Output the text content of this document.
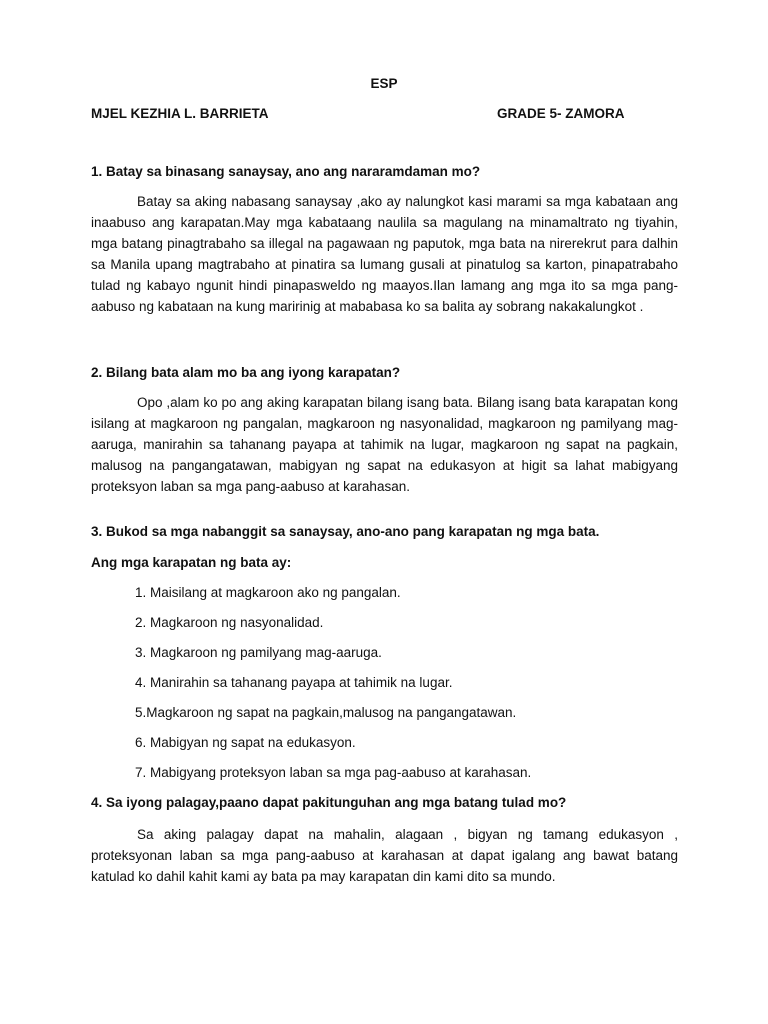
ESP

MJEL KEZHIA L. BARRIETA	GRADE 5- ZAMORA

1. Batay sa binasang sanaysay, ano ang nararamdaman mo?

Batay sa aking nabasang sanaysay ,ako ay nalungkot kasi marami sa mga kabataan ang inaabuso ang karapatan.May mga kabataang naulila sa magulang na minamaltrato ng tiyahin, mga batang pinagtrabaho sa illegal na pagawaan ng paputok, mga bata na nirerekrut para dalhin sa Manila upang magtrabaho at pinatira sa lumang gusali at pinatulog sa karton, pinapatrabaho tulad ng kabayo ngunit hindi pinapasweldo ng maayos.Ilan lamang ang mga ito sa mga pang-aabuso ng kabataan na kung maririnig at mababasa ko sa balita ay sobrang nakakalungkot .

2. Bilang bata alam mo ba ang iyong karapatan?

Opo ,alam ko po ang aking karapatan bilang isang bata. Bilang isang bata karapatan kong isilang at magkaroon ng pangalan, magkaroon ng nasyonalidad, magkaroon ng pamilyang mag-aaruga, manirahin sa tahanang payapa at tahimik na lugar, magkaroon ng sapat na pagkain, malusog na pangangatawan, mabigyan ng sapat na edukasyon at higit sa lahat mabigyang proteksyon laban sa mga pang-aabuso at karahasan.

3. Bukod sa mga nabanggit sa sanaysay, ano-ano pang karapatan ng mga bata.

Ang mga karapatan ng bata ay:

1. Maisilang at magkaroon ako ng pangalan.

2. Magkaroon ng nasyonalidad.

3. Magkaroon ng pamilyang mag-aaruga.

4. Manirahin sa tahanang payapa at tahimik na lugar.

5.Magkaroon ng sapat na pagkain,malusog na pangangatawan.

6. Mabigyan ng sapat na edukasyon.

7. Mabigyang proteksyon laban sa mga pag-aabuso at karahasan.

4. Sa iyong palagay,paano dapat pakitunguhan ang mga batang tulad mo?

Sa aking palagay dapat na mahalin, alagaan , bigyan ng tamang edukasyon , proteksyonan laban sa mga pang-aabuso at karahasan at dapat igalang ang bawat batang katulad ko dahil kahit kami ay bata pa may karapatan din kami dito sa mundo.
